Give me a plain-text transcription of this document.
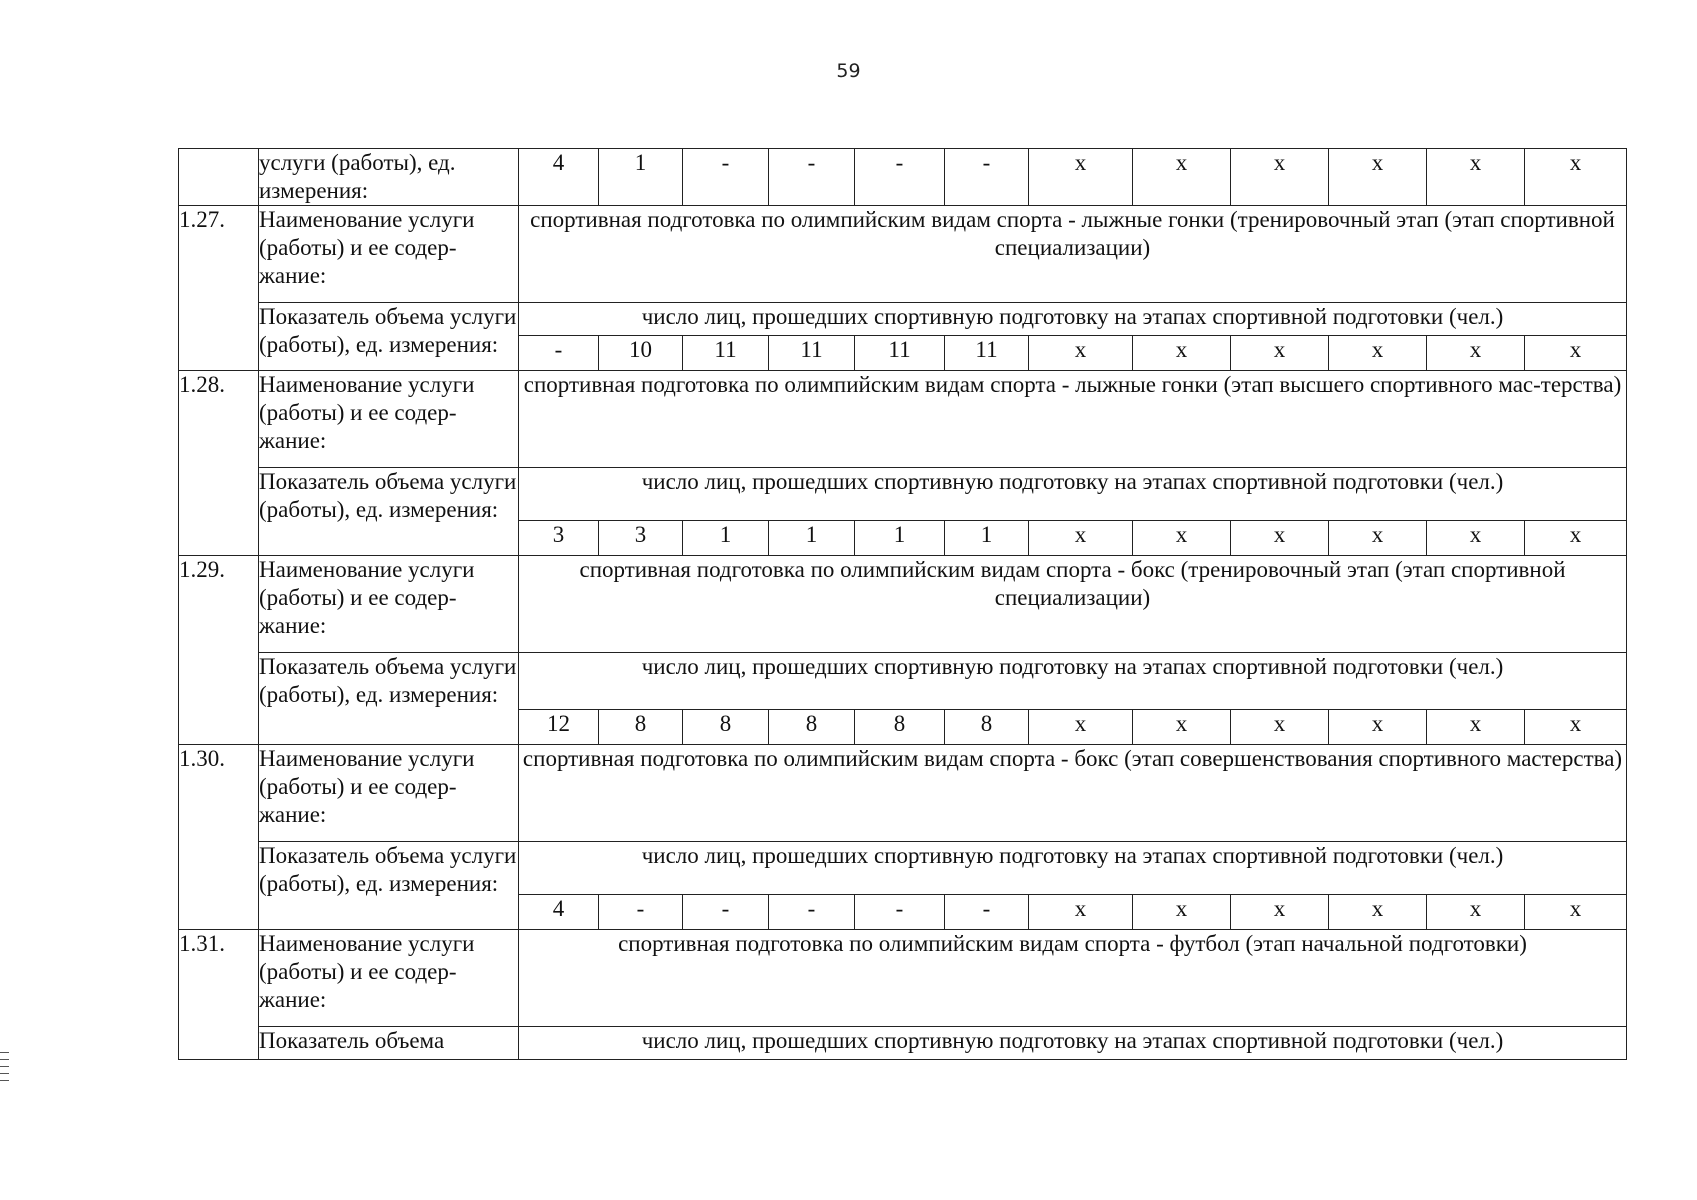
59
	услуги (работы), ед. измерения:	4	1	-	-	-	-	x	x	x	x	x	x
1.27.	Наименование услуги (работы) и ее содер-жание:	спортивная подготовка по олимпийским видам спорта - лыжные гонки (тренировочный этап (этап спортивной специализации)											
	Показатель объема услуги (работы), ед. измерения:	число лиц, прошедших спортивную подготовку на этапах спортивной подготовки (чел.)											
		-	10	11	11	11	11	x	x	x	x	x	x
1.28.	Наименование услуги (работы) и ее содер-жание:	спортивная подготовка по олимпийским видам спорта - лыжные гонки (этап высшего спортивного мас-терства)											
	Показатель объема услуги (работы), ед. измерения:	число лиц, прошедших спортивную подготовку на этапах спортивной подготовки (чел.)											
		3	3	1	1	1	1	x	x	x	x	x	x
1.29.	Наименование услуги (работы) и ее содер-жание:	спортивная подготовка по олимпийским видам спорта - бокс (тренировочный этап (этап спортивной специализации)											
	Показатель объема услуги (работы), ед. измерения:	число лиц, прошедших спортивную подготовку на этапах спортивной подготовки (чел.)											
		12	8	8	8	8	8	x	x	x	x	x	x
1.30.	Наименование услуги (работы) и ее содер-жание:	спортивная подготовка по олимпийским видам спорта - бокс (этап совершенствования спортивного мастерства)											
	Показатель объема услуги (работы), ед. измерения:	число лиц, прошедших спортивную подготовку на этапах спортивной подготовки (чел.)											
		4	-	-	-	-	-	x	x	x	x	x	x
1.31.	Наименование услуги (работы) и ее содер-жание:	спортивная подготовка по олимпийским видам спорта - футбол (этап начальной подготовки)											
	Показатель объема	число лиц, прошедших спортивную подготовку на этапах спортивной подготовки (чел.)											
